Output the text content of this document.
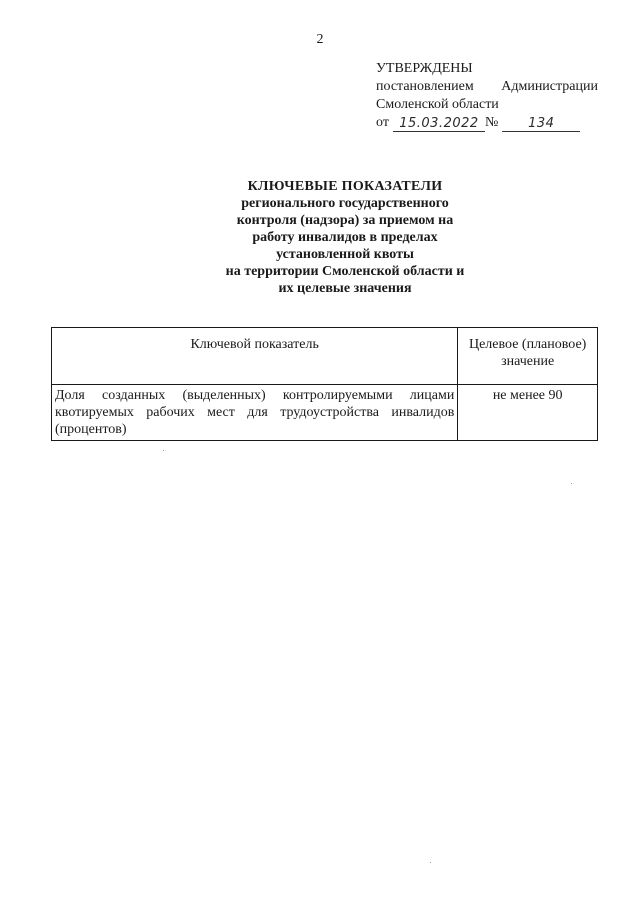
2
УТВЕРЖДЕНЫ
постановлением Администрации
Смоленской области
от 15.03.2022 №	134
КЛЮЧЕВЫЕ ПОКАЗАТЕЛИ
регионального государственного
контроля (надзора) за приемом на
работу инвалидов в пределах
установленной квоты
на территории Смоленской области и
их целевые значения
Ключевой показатель	Целевое (плановое) значение
Доля созданных (выделенных) контролируемыми лицами квотируемых рабочих мест для трудоустройства инвалидов (процентов)	не менее 90
